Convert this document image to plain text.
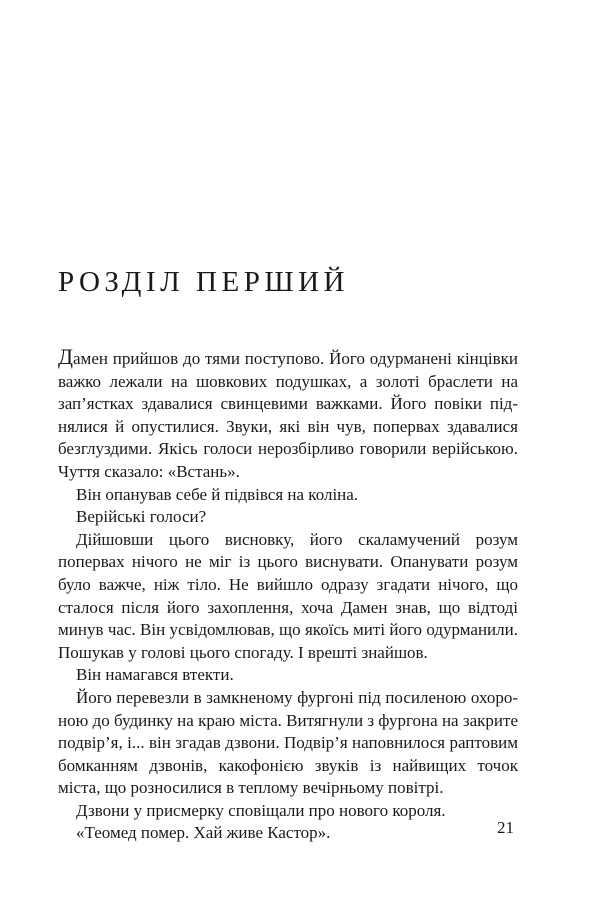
РОЗДІЛ ПЕРШИЙ

Дамен прийшов до тями поступово. Його одурманені кінцівки важко лежали на шовкових подушках, а золоті браслети на зап’ястках здавалися свинцевими важками. Його повіки піднялися й опустилися. Звуки, які він чув, попервах здавалися безглуздими. Якісь голоси нерозбірливо говорили верійською. Чуття сказало: «Встань».

Він опанував себе й підвівся на коліна.

Верійські голоси?

Дійшовши цього висновку, його скаламучений розум попервах нічого не міг із цього виснувати. Опанувати розум було важче, ніж тіло. Не вийшло одразу згадати нічого, що сталося після його захоплення, хоча Дамен знав, що відтоді минув час. Він усвідомлював, що якоїсь миті його одурманили. Пошукав у голові цього спогаду. І врешті знайшов.

Він намагався втекти.

Його перевезли в замкненому фургоні під посиленою охороною до будинку на краю міста. Витягнули з фургона на закрите подвір’я, і... він згадав дзвони. Подвір’я наповнилося раптовим бомканням дзвонів, какофонією звуків із найвищих точок міста, що розносилися в теплому вечірньому повітрі.

Дзвони у присмерку сповіщали про нового короля.

«Теомед помер. Хай живе Кастор».	21
